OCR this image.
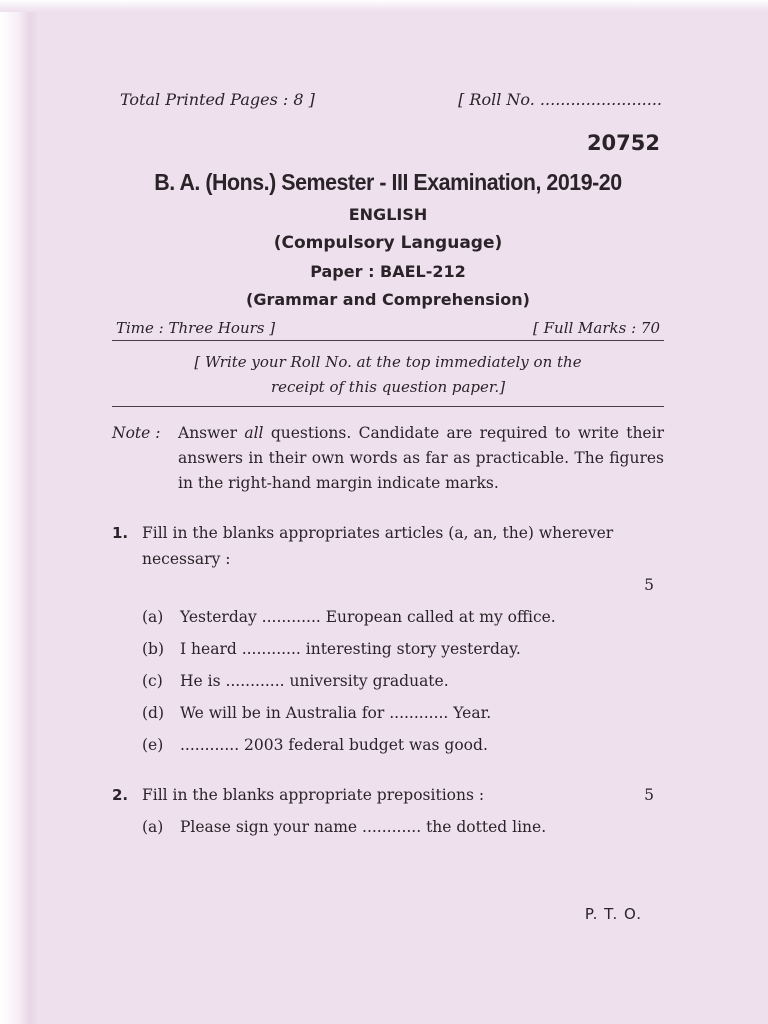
Total Printed Pages : 8 ]	[ Roll No. ........................
20752
B. A. (Hons.) Semester - III Examination, 2019-20
ENGLISH
(Compulsory Language)
Paper : BAEL-212
(Grammar and Comprehension)
Time : Three Hours ]	[ Full Marks : 70
[ Write your Roll No. at the top immediately on the
receipt of this question paper.]
Note :	Answer all questions. Candidate are required to write their answers in their own words as far as practicable. The figures in the right-hand margin indicate marks.
1. Fill in the blanks appropriates articles (a, an, the) wherever necessary :
5
(a)	Yesterday ............ European called at my office.
(b)	I heard ............ interesting story yesterday.
(c)	He is ............ university graduate.
(d)	We will be in Australia for ............ Year.
(e)	............ 2003 federal budget was good.
2. Fill in the blanks appropriate prepositions :	5
(a)	Please sign your name ............ the dotted line.
P. T. O.
